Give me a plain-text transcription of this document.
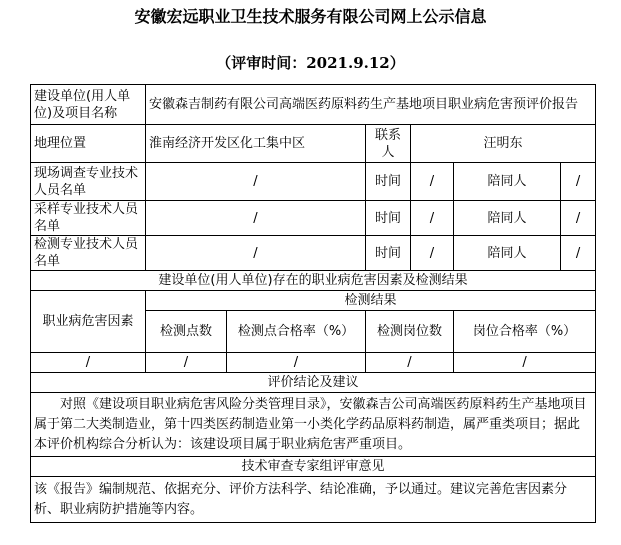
安徽宏远职业卫生技术服务有限公司网上公示信息
（评审时间：2021.9.12）
建设单位(用人单位)及项目名称	安徽森吉制药有限公司高端医药原料药生产基地项目职业病危害预评价报告					
地理位置	淮南经济开发区化工集中区		联系人	汪明东		
现场调查专业技术人员名单	/		时间	/	陪同人	/
采样专业技术人员名单	/		时间	/	陪同人	/
检测专业技术人员名单	/		时间	/	陪同人	/
建设单位(用人单位)存在的职业病危害因素及检测结果						
职业病危害因素	检测结果					
	检测点数	检测点合格率（%）	检测岗位数		岗位合格率（%）	
/	/	/	/		/	
评价结论及建议						
对照《建设项目职业病危害风险分类管理目录》，安徽森吉公司高端医药原料药生产基地项目属于第二大类制造业，第十四类医药制造业第一小类化学药品原料药制造，属严重类项目；据此本评价机构综合分析认为：该建设项目属于职业病危害严重项目。						
技术审查专家组评审意见						
该《报告》编制规范、依据充分、评价方法科学、结论准确，予以通过。建议完善危害因素分析、职业病防护措施等内容。						
